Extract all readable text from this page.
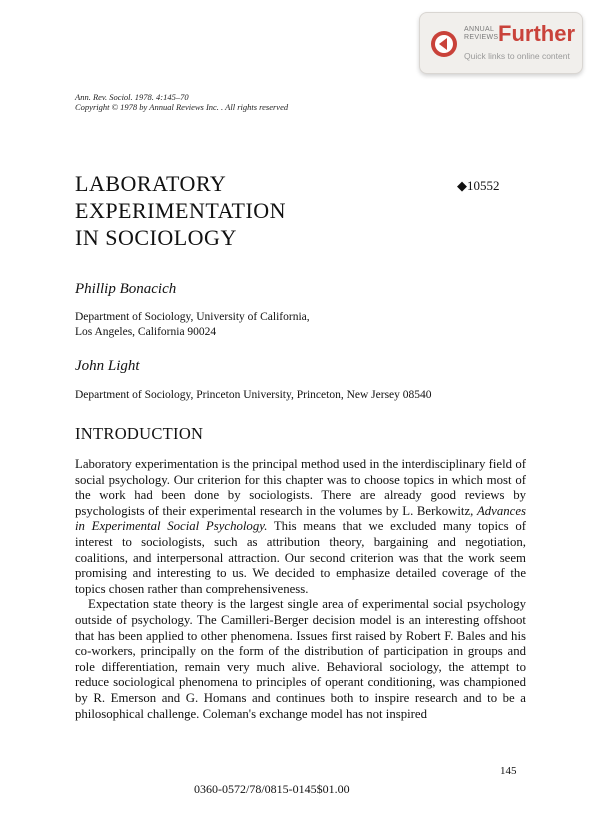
ANNUAL
REVIEWS Further
Quick links to online content
Ann. Rev. Sociol. 1978. 4:145–70
Copyright © 1978 by Annual Reviews Inc. . All rights reserved
LABORATORY
EXPERIMENTATION
IN SOCIOLOGY
◆10552
Phillip Bonacich
Department of Sociology, University of California,
Los Angeles, California 90024
John Light
Department of Sociology, Princeton University, Princeton, New Jersey 08540
INTRODUCTION

Laboratory experimentation is the principal method used in the interdisciplinary field of social psychology. Our criterion for this chapter was to choose topics in which most of the work had been done by sociologists. There are already good reviews by psychologists of their experimental research in the volumes by L. Berkowitz, Advances in Experimental Social Psychology. This means that we excluded many topics of interest to sociologists, such as attribution theory, bargaining and negotiation, coalitions, and interpersonal attraction. Our second criterion was that the work seem promising and interesting to us. We decided to emphasize detailed coverage of the topics chosen rather than comprehensiveness.

Expectation state theory is the largest single area of experimental social psychology outside of psychology. The Camilleri-Berger decision model is an interesting offshoot that has been applied to other phenomena. Issues first raised by Robert F. Bales and his co-workers, principally on the form of the distribution of participation in groups and role differentiation, remain very much alive. Behavioral sociology, the attempt to reduce sociological phenomena to principles of operant conditioning, was championed by R. Emerson and G. Homans and continues both to inspire research and to be a philosophical challenge. Coleman's exchange model has not inspired

145
0360-0572/78/0815-0145$01.00
